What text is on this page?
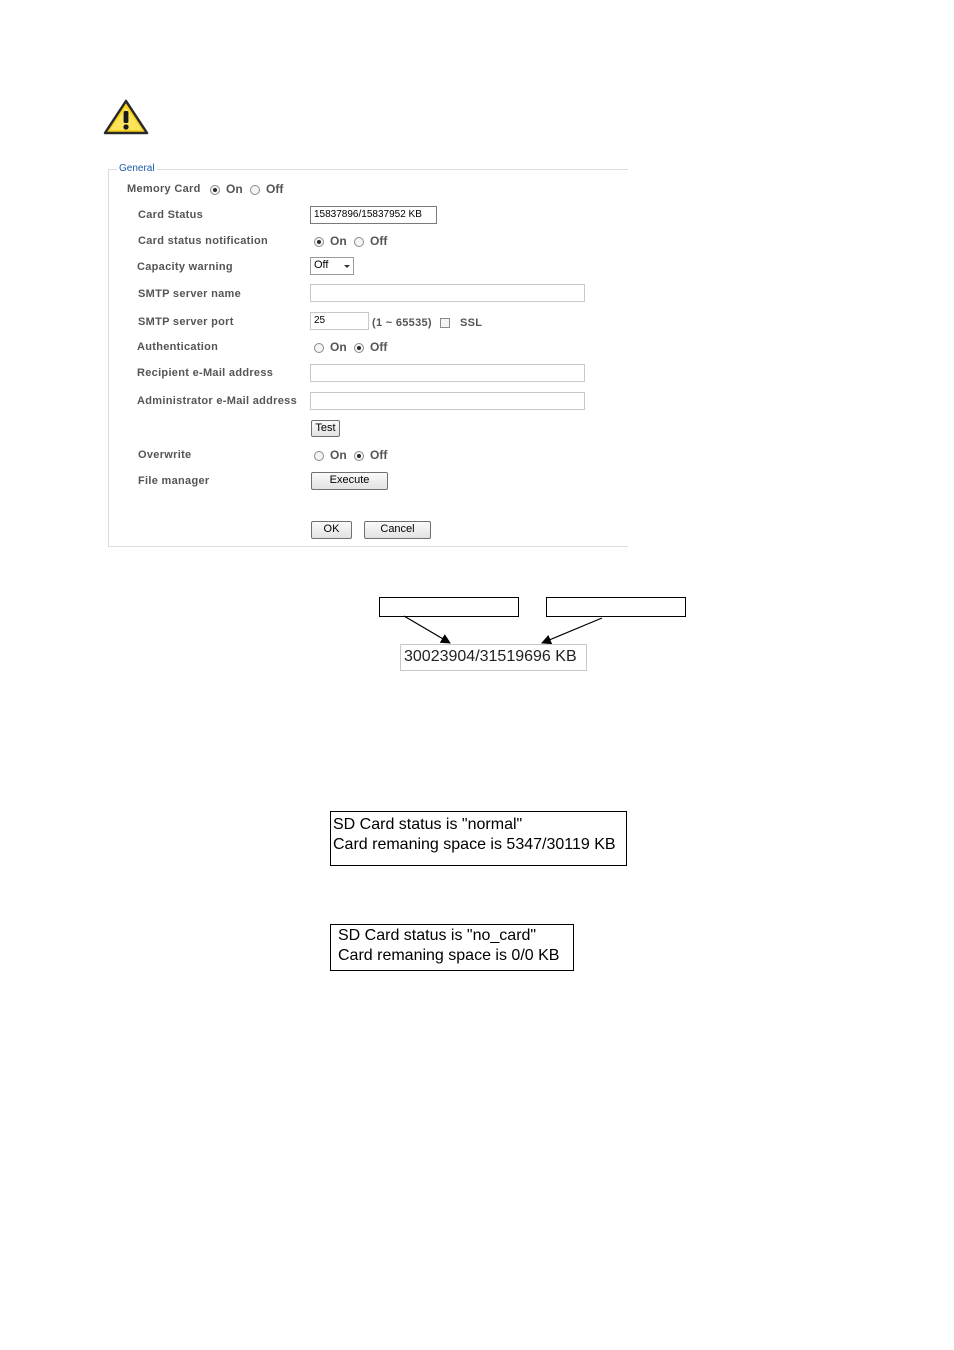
General
Memory Card On Off
Card Status	15837896/15837952 KB
Card status notification	On Off
Capacity warning	Off
SMTP server name
SMTP server port	25	(1 ~ 65535)	SSL
Authentication	On Off
Recipient e-Mail address
Administrator e-Mail address
Test
Overwrite	On Off
File manager	Execute
OK	Cancel
30023904/31519696 KB
SD Card status is "normal"
Card remaning space is 5347/30119 KB
SD Card status is "no_card"
Card remaning space is 0/0 KB
